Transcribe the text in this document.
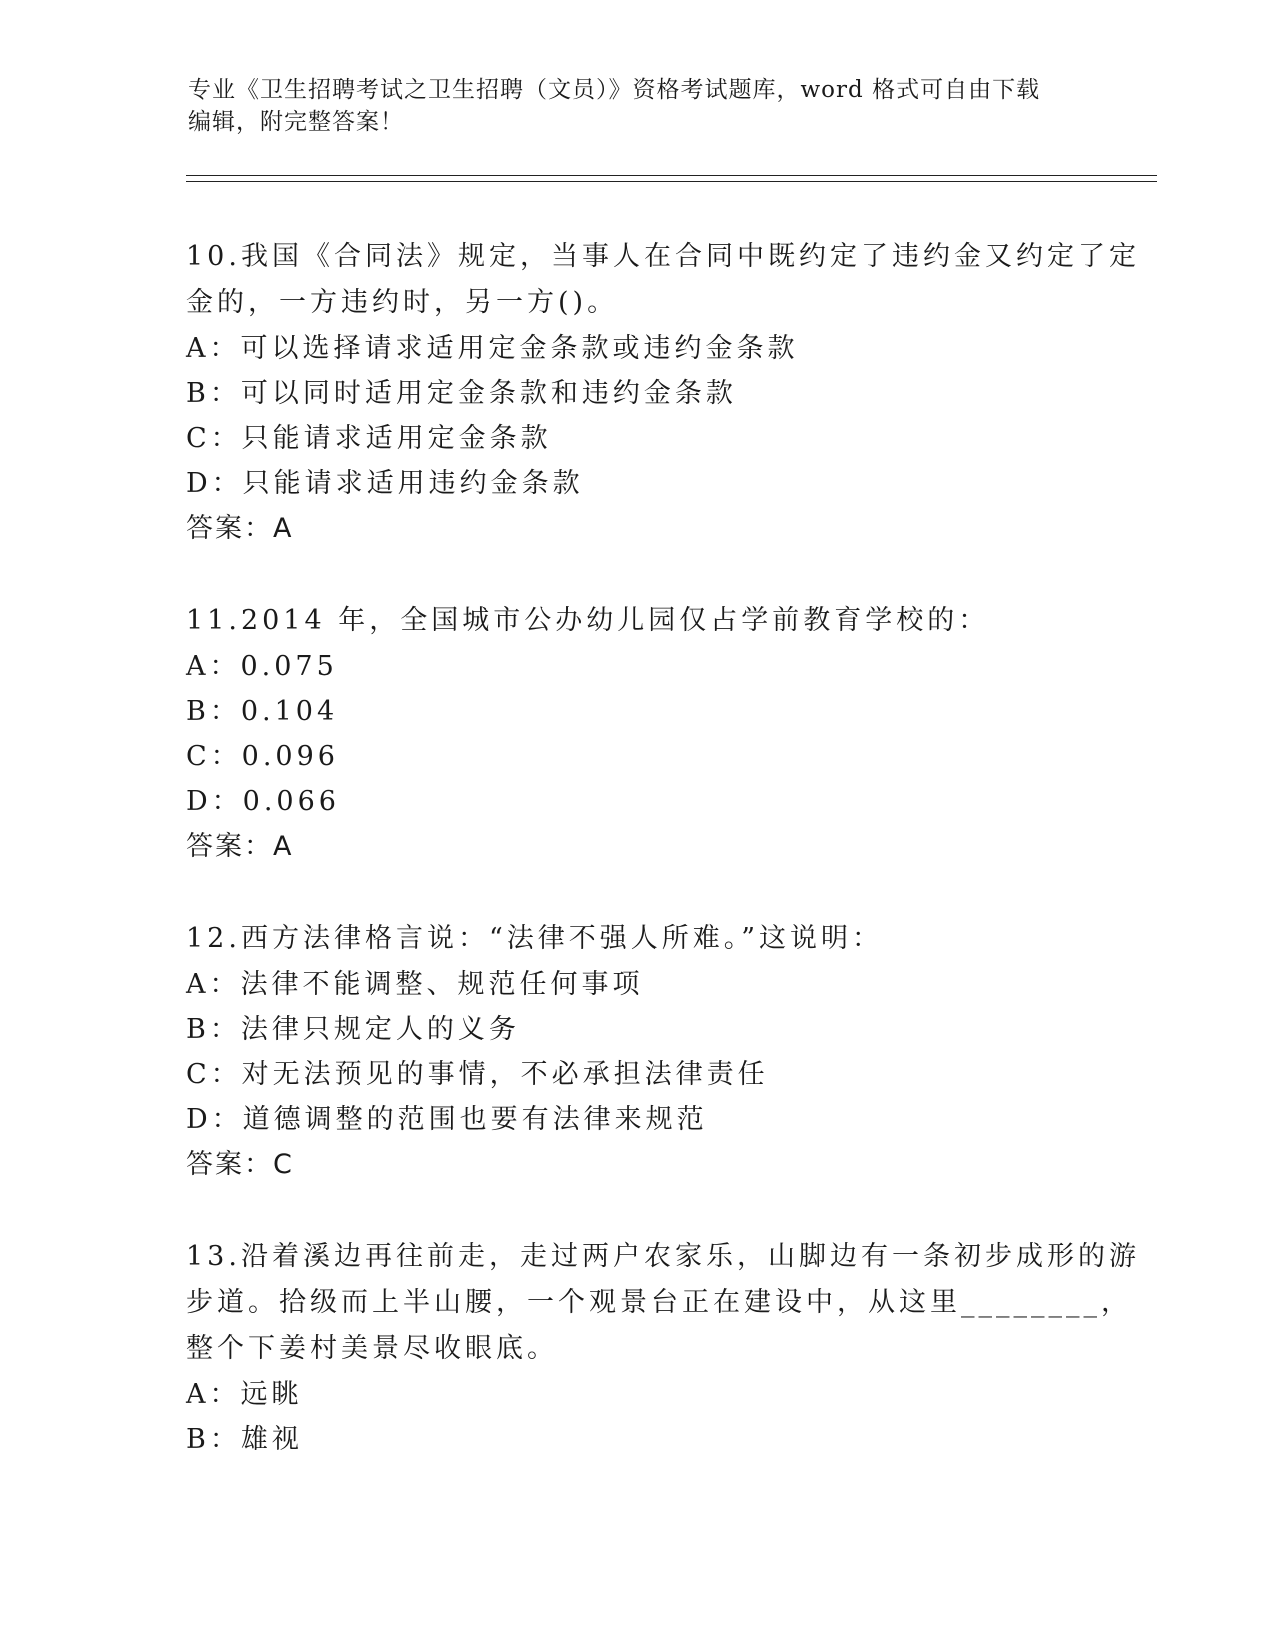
专业《卫生招聘考试之卫生招聘（文员）》资格考试题库，word 格式可自由下载
编辑，附完整答案！
10.我国《合同法》规定，当事人在合同中既约定了违约金又约定了定
金的，一方违约时，另一方()。
A：可以选择请求适用定金条款或违约金条款
B：可以同时适用定金条款和违约金条款
C：只能请求适用定金条款
D：只能请求适用违约金条款
答案：A
11.2014 年，全国城市公办幼儿园仅占学前教育学校的：
A：0.075
B：0.104
C：0.096
D：0.066
答案：A
12.西方法律格言说：“法律不强人所难。”这说明：
A：法律不能调整、规范任何事项
B：法律只规定人的义务
C：对无法预见的事情，不必承担法律责任
D：道德调整的范围也要有法律来规范
答案：C
13.沿着溪边再往前走，走过两户农家乐，山脚边有一条初步成形的游
步道。拾级而上半山腰，一个观景台正在建设中，从这里________，
整个下姜村美景尽收眼底。
A：远眺
B：雄视
